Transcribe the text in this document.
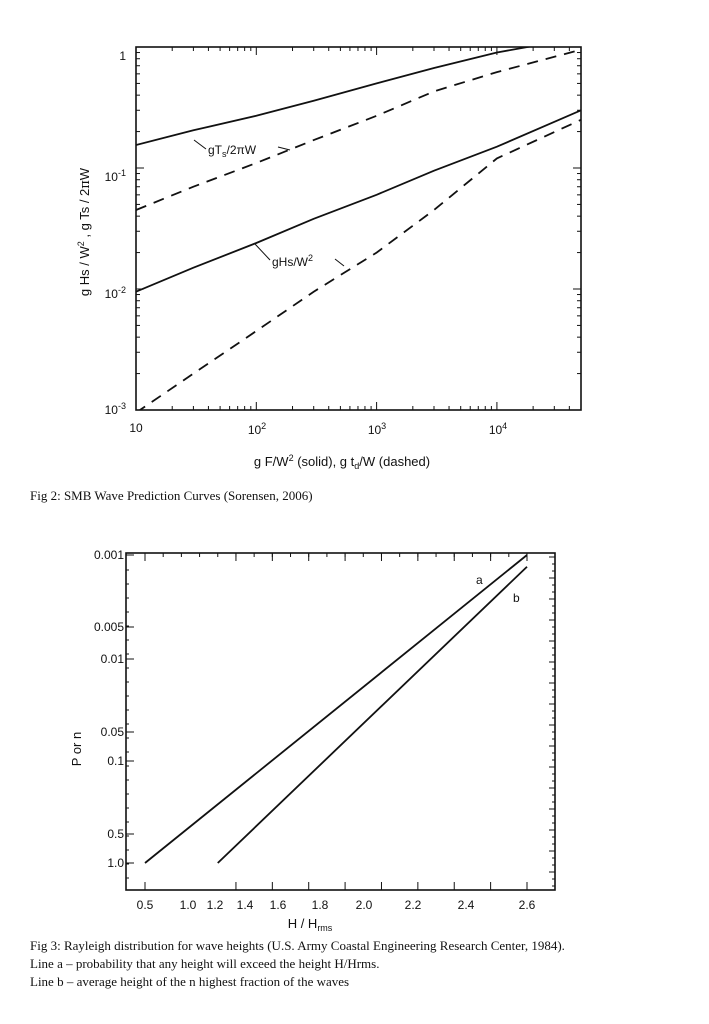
1
$10^{-1}$
$10^{-2}$
$10^{-3}$
10	$10^2$	$10^3$	$10^4$
g $F/W^2$ (solid), g $t_d/W$ (dashed)
g Hs / $W^2$ , g Ts / 2πW
$gT_s/2\pi W$
gHs/$W^2$
Fig 2: SMB Wave Prediction Curves (Sorensen, 2006)
0.001
0.005
0.01
0.05
0.1
0.5
1.0
0.5 1.0 1.2 1.4 1.6 1.8 2.0	2.2	2.4	2.6
H / $H_{rms}$
P or n
a
b
Fig 3: Rayleigh distribution for wave heights (U.S. Army Coastal Engineering Research Center, 1984).
Line a – probability that any height will exceed the height H/Hrms.
Line b – average height of the n highest fraction of the waves
